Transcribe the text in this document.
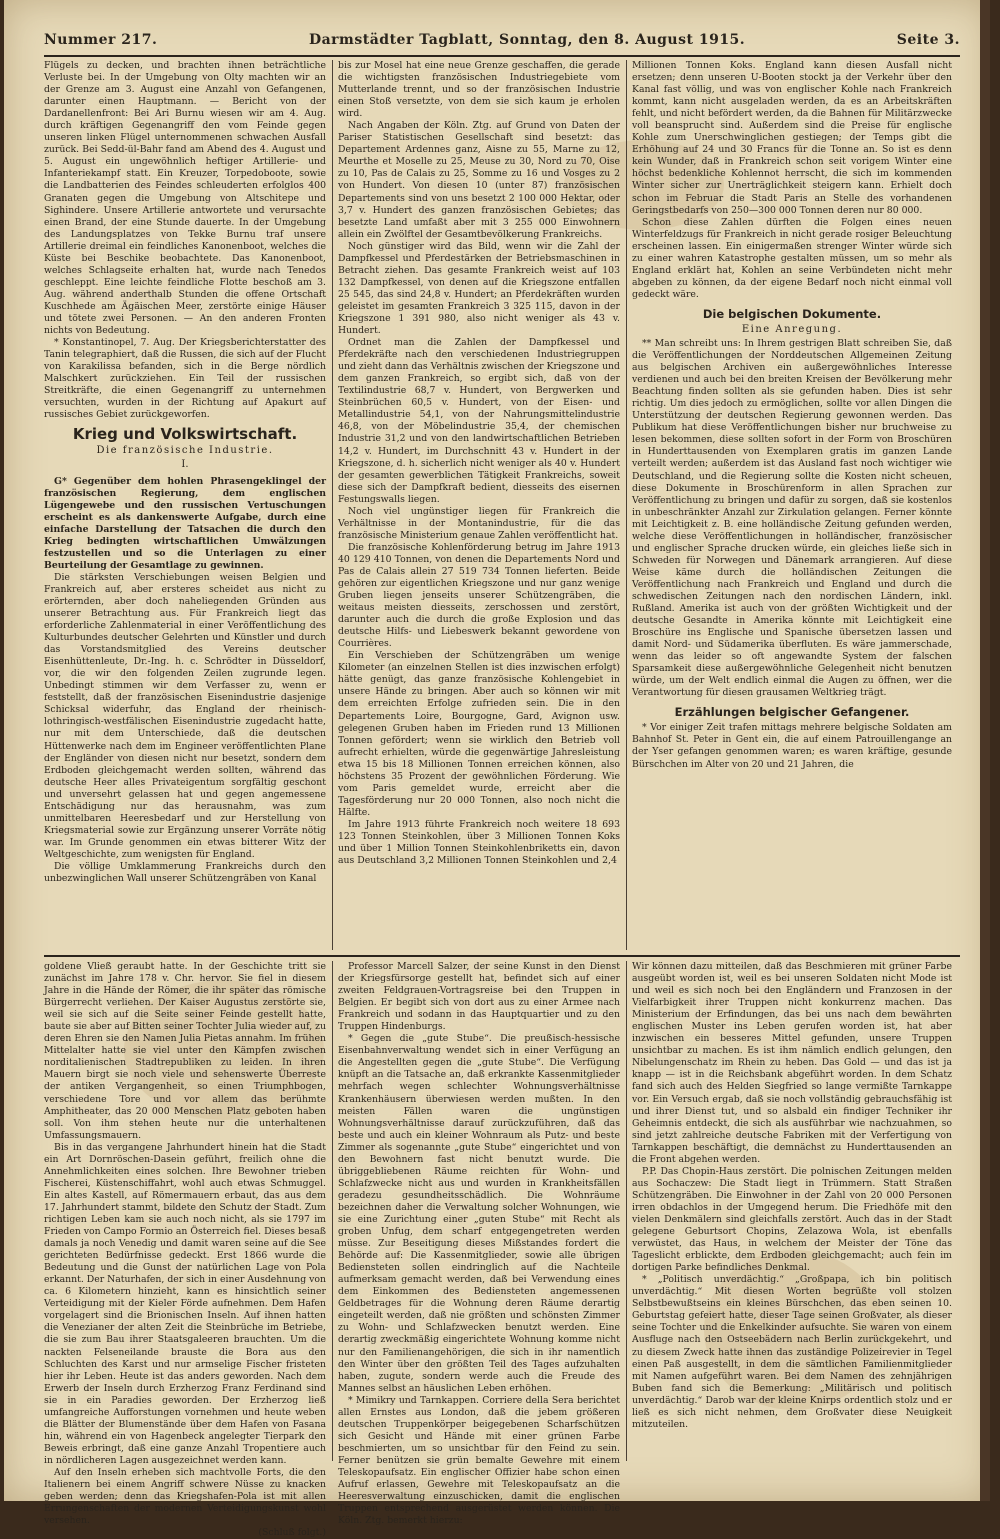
Nummer 217.	Darmstädter Tagblatt, Sonntag, den 8. August 1915.	Seite 3.

Flügels zu decken, und brachten ihnen beträchtliche Verluste bei. In der Umgebung von Olty machten wir an der Grenze am 3. August eine Anzahl von Gefangenen, darunter einen Hauptmann. — Bericht von der Dardanellenfront: Bei Ari Burnu wiesen wir am 4. Aug. durch kräftigen Gegenangriff den vom Feinde gegen unseren linken Flügel unternommenen schwachen Ausfall zurück. Bei Sedd-ül-Bahr fand am Abend des 4. August und 5. August ein ungewöhnlich heftiger Artillerie- und Infanteriekampf statt. Ein Kreuzer, Torpedoboote, sowie die Landbatterien des Feindes schleuderten erfolglos 400 Granaten gegen die Umgebung von Altschitepe und Sighindere. Unsere Artillerie antwortete und verursachte einen Brand, der eine Stunde dauerte. In der Umgebung des Landungsplatzes von Tekke Burnu traf unsere Artillerie dreimal ein feindliches Kanonenboot, welches die Küste bei Beschike beobachtete. Das Kanonenboot, welches Schlagseite erhalten hat, wurde nach Tenedos geschleppt. Eine leichte feindliche Flotte beschoß am 3. Aug. während anderthalb Stunden die offene Ortschaft Kuschhede am Ägäischen Meer, zerstörte einige Häuser und tötete zwei Personen. — An den anderen Fronten nichts von Bedeutung.

* Konstantinopel, 7. Aug. Der Kriegsberichterstatter des Tanin telegraphiert, daß die Russen, die sich auf der Flucht von Karakilissa befanden, sich in die Berge nördlich Malschkert zurückziehen. Ein Teil der russischen Streitkräfte, die einen Gegenangriff zu unternehmen versuchten, wurden in der Richtung auf Apakurt auf russisches Gebiet zurückgeworfen.

Krieg und Volkswirtschaft.
Die französische Industrie.
I.

G* Gegenüber dem hohlen Phrasengeklingel der französischen Regierung, dem englischen Lügengewebe und den russischen Vertuschungen erscheint es als dankenswerte Aufgabe, durch eine einfache Darstellung der Tatsachen die durch den Krieg bedingten wirtschaftlichen Umwälzungen festzustellen und so die Unterlagen zu einer Beurteilung der Gesamtlage zu gewinnen.

Die stärksten Verschiebungen weisen Belgien und Frankreich auf, aber ersteres scheidet aus nicht zu erörternden, aber doch naheliegenden Gründen aus unserer Betrachtung aus. Für Frankreich liegt das erforderliche Zahlenmaterial in einer Veröffentlichung des Kulturbundes deutscher Gelehrten und Künstler und durch das Vorstandsmitglied des Vereins deutscher Eisenhüttenleute, Dr.-Ing. h. c. Schrödter in Düsseldorf, vor, die wir den folgenden Zeilen zugrunde legen. Unbedingt stimmen wir dem Verfasser zu, wenn er feststellt, daß der französischen Eisenindustrie dasjenige Schicksal widerfuhr, das England der rheinisch-lothringisch-westfälischen Eisenindustrie zugedacht hatte, nur mit dem Unterschiede, daß die deutschen Hüttenwerke nach dem im Engineer veröffentlichten Plane der Engländer von diesen nicht nur besetzt, sondern dem Erdboden gleichgemacht werden sollten, während das deutsche Heer alles Privateigentum sorgfältig geschont und unversehrt gelassen hat und gegen angemessene Entschädigung nur das herausnahm, was zum unmittelbaren Heeresbedarf und zur Herstellung von Kriegsmaterial sowie zur Ergänzung unserer Vorräte nötig war. Im Grunde genommen ein etwas bitterer Witz der Weltgeschichte, zum wenigsten für England.

Die völlige Umklammerung Frankreichs durch den unbezwinglichen Wall unserer Schützengräben von Kanal

bis zur Mosel hat eine neue Grenze geschaffen, die gerade die wichtigsten französischen Industriegebiete vom Mutterlande trennt, und so der französischen Industrie einen Stoß versetzte, von dem sie sich kaum je erholen wird.

Nach Angaben der Köln. Ztg. auf Grund von Daten der Pariser Statistischen Gesellschaft sind besetzt: das Departement Ardennes ganz, Aisne zu 55, Marne zu 12, Meurthe et Moselle zu 25, Meuse zu 30, Nord zu 70, Oise zu 10, Pas de Calais zu 25, Somme zu 16 und Vosges zu 2 von Hundert. Von diesen 10 (unter 87) französischen Departements sind von uns besetzt 2 100 000 Hektar, oder 3,7 v. Hundert des ganzen französischen Gebietes; das besetzte Land umfaßt aber mit 3 255 000 Einwohnern allein ein Zwölftel der Gesamtbevölkerung Frankreichs.

Noch günstiger wird das Bild, wenn wir die Zahl der Dampfkessel und Pferdestärken der Betriebsmaschinen in Betracht ziehen. Das gesamte Frankreich weist auf 103 132 Dampfkessel, von denen auf die Kriegszone entfallen 25 545, das sind 24,8 v. Hundert; an Pferdekräften wurden geleistet im gesamten Frankreich 3 325 115, davon in der Kriegszone 1 391 980, also nicht weniger als 43 v. Hundert.

Ordnet man die Zahlen der Dampfkessel und Pferdekräfte nach den verschiedenen Industriegruppen und zieht dann das Verhältnis zwischen der Kriegszone und dem ganzen Frankreich, so ergibt sich, daß von der Textilindustrie 68,7 v. Hundert, von Bergwerken und Steinbrüchen 60,5 v. Hundert, von der Eisen- und Metallindustrie 54,1, von der Nahrungsmittelindustrie 46,8, von der Möbelindustrie 35,4, der chemischen Industrie 31,2 und von den landwirtschaftlichen Betrieben 14,2 v. Hundert, im Durchschnitt 43 v. Hundert in der Kriegszone, d. h. sicherlich nicht weniger als 40 v. Hundert der gesamten gewerblichen Tätigkeit Frankreichs, soweit diese sich der Dampfkraft bedient, diesseits des eisernen Festungswalls liegen.

Noch viel ungünstiger liegen für Frankreich die Verhältnisse in der Montanindustrie, für die das französische Ministerium genaue Zahlen veröffentlicht hat.

Die französische Kohlenförderung betrug im Jahre 1913 40 129 410 Tonnen, von denen die Departements Nord und Pas de Calais allein 27 519 734 Tonnen lieferten. Beide gehören zur eigentlichen Kriegszone und nur ganz wenige Gruben liegen jenseits unserer Schützengräben, die weitaus meisten diesseits, zerschossen und zerstört, darunter auch die durch die große Explosion und das deutsche Hilfs- und Liebeswerk bekannt gewordene von Courrières.

Ein Verschieben der Schützengräben um wenige Kilometer (an einzelnen Stellen ist dies inzwischen erfolgt) hätte genügt, das ganze französische Kohlengebiet in unsere Hände zu bringen. Aber auch so können wir mit dem erreichten Erfolge zufrieden sein. Die in den Departements Loire, Bourgogne, Gard, Avignon usw. gelegenen Gruben haben im Frieden rund 13 Millionen Tonnen gefördert; wenn sie wirklich den Betrieb voll aufrecht erhielten, würde die gegenwärtige Jahresleistung etwa 15 bis 18 Millionen Tonnen erreichen können, also höchstens 35 Prozent der gewöhnlichen Förderung. Wie vom Paris gemeldet wurde, erreicht aber die Tagesförderung nur 20 000 Tonnen, also noch nicht die Hälfte.

Im Jahre 1913 führte Frankreich noch weitere 18 693 123 Tonnen Steinkohlen, über 3 Millionen Tonnen Koks und über 1 Million Tonnen Steinkohlenbriketts ein, davon aus Deutschland 3,2 Millionen Tonnen Steinkohlen und 2,4

Millionen Tonnen Koks. England kann diesen Ausfall nicht ersetzen; denn unseren U-Booten stockt ja der Verkehr über den Kanal fast völlig, und was von englischer Kohle nach Frankreich kommt, kann nicht ausgeladen werden, da es an Arbeitskräften fehlt, und nicht befördert werden, da die Bahnen für Militärzwecke voll beansprucht sind. Außerdem sind die Preise für englische Kohle zum Unerschwinglichen gestiegen; der Temps gibt die Erhöhung auf 24 und 30 Francs für die Tonne an. So ist es denn kein Wunder, daß in Frankreich schon seit vorigem Winter eine höchst bedenkliche Kohlennot herrscht, die sich im kommenden Winter sicher zur Unerträglichkeit steigern kann. Erhielt doch schon im Februar die Stadt Paris an Stelle des vorhandenen Geringstbedarfs von 250—300 000 Tonnen deren nur 80 000.

Schon diese Zahlen dürften die Folgen eines neuen Winterfeldzugs für Frankreich in nicht gerade rosiger Beleuchtung erscheinen lassen. Ein einigermaßen strenger Winter würde sich zu einer wahren Katastrophe gestalten müssen, um so mehr als England erklärt hat, Kohlen an seine Verbündeten nicht mehr abgeben zu können, da der eigene Bedarf noch nicht einmal voll gedeckt wäre.

Die belgischen Dokumente.
Eine Anregung.

** Man schreibt uns: In Ihrem gestrigen Blatt schreiben Sie, daß die Veröffentlichungen der Norddeutschen Allgemeinen Zeitung aus belgischen Archiven ein außergewöhnliches Interesse verdienen und auch bei den breiten Kreisen der Bevölkerung mehr Beachtung finden sollten als sie gefunden haben. Dies ist sehr richtig. Um dies jedoch zu ermöglichen, sollte vor allen Dingen die Unterstützung der deutschen Regierung gewonnen werden. Das Publikum hat diese Veröffentlichungen bisher nur bruchweise zu lesen bekommen, diese sollten sofort in der Form von Broschüren in Hunderttausenden von Exemplaren gratis im ganzen Lande verteilt werden; außerdem ist das Ausland fast noch wichtiger wie Deutschland, und die Regierung sollte die Kosten nicht scheuen, diese Dokumente in Broschürenform in allen Sprachen zur Veröffentlichung zu bringen und dafür zu sorgen, daß sie kostenlos in unbeschränkter Anzahl zur Zirkulation gelangen. Ferner könnte mit Leichtigkeit z. B. eine holländische Zeitung gefunden werden, welche diese Veröffentlichungen in holländischer, französischer und englischer Sprache drucken würde, ein gleiches ließe sich in Schweden für Norwegen und Dänemark arrangieren. Auf diese Weise käme durch die holländischen Zeitungen die Veröffentlichung nach Frankreich und England und durch die schwedischen Zeitungen nach den nordischen Ländern, inkl. Rußland. Amerika ist auch von der größten Wichtigkeit und der deutsche Gesandte in Amerika könnte mit Leichtigkeit eine Broschüre ins Englische und Spanische übersetzen lassen und damit Nord- und Südamerika überfluten. Es wäre jammerschade, wenn das leider so oft angewandte System der falschen Sparsamkeit diese außergewöhnliche Gelegenheit nicht benutzen würde, um der Welt endlich einmal die Augen zu öffnen, wer die Verantwortung für diesen grausamen Weltkrieg trägt.

Erzählungen belgischer Gefangener.

* Vor einiger Zeit trafen mittags mehrere belgische Soldaten am Bahnhof St. Peter in Gent ein, die auf einem Patrouillengange an der Yser gefangen genommen waren; es waren kräftige, gesunde Bürschchen im Alter von 20 und 21 Jahren, die

goldene Vließ geraubt hatte. In der Geschichte tritt sie zunächst im Jahre 178 v. Chr. hervor. Sie fiel in diesem Jahre in die Hände der Römer, die ihr später das römische Bürgerrecht verliehen. Der Kaiser Augustus zerstörte sie, weil sie sich auf die Seite seiner Feinde gestellt hatte, baute sie aber auf Bitten seiner Tochter Julia wieder auf, zu deren Ehren sie den Namen Julia Pietas annahm. Im frühen Mittelalter hatte sie viel unter den Kämpfen zwischen norditalienischen Stadtrepubliken zu leiden. In ihren Mauern birgt sie noch viele und sehenswerte Überreste der antiken Vergangenheit, so einen Triumphbogen, verschiedene Tore und vor allem das berühmte Amphitheater, das 20 000 Menschen Platz geboten haben soll. Von ihm stehen heute nur die unterhaltenen Umfassungsmauern.

Bis in das vergangene Jahrhundert hinein hat die Stadt ein Art Dornröschen-Dasein geführt, freilich ohne die Annehmlichkeiten eines solchen. Ihre Bewohner trieben Fischerei, Küstenschiffahrt, wohl auch etwas Schmuggel. Ein altes Kastell, auf Römermauern erbaut, das aus dem 17. Jahrhundert stammt, bildete den Schutz der Stadt. Zum richtigen Leben kam sie auch noch nicht, als sie 1797 im Frieden von Campo Formio an Österreich fiel. Dieses besaß damals ja noch Venedig und damit waren seine auf die See gerichteten Bedürfnisse gedeckt. Erst 1866 wurde die Bedeutung und die Gunst der natürlichen Lage von Pola erkannt. Der Naturhafen, der sich in einer Ausdehnung von ca. 6 Kilometern hinzieht, kann es hinsichtlich seiner Verteidigung mit der Kieler Förde aufnehmen. Dem Hafen vorgelagert sind die Brionischen Inseln. Auf ihnen hatten die Venezianer der alten Zeit die Steinbrüche im Betriebe, die sie zum Bau ihrer Staatsgaleeren brauchten. Um die nackten Felseneilande brauste die Bora aus den Schluchten des Karst und nur armselige Fischer fristeten hier ihr Leben. Heute ist das anders geworden. Nach dem Erwerb der Inseln durch Erzherzog Franz Ferdinand sind sie in ein Paradies geworden. Der Erzherzog ließ umfangreiche Aufforstungen vornehmen und heute weben die Blätter der Blumenstände über dem Hafen von Fasana hin, während ein von Hagenbeck angelegter Tierpark den Beweis erbringt, daß eine ganze Anzahl Tropentiere auch in nördlicheren Lagen ausgezeichnet werden kann.

Auf den Inseln erheben sich machtvolle Forts, die den Italienern bei einem Angriff schwere Nüsse zu knacken geben werden; denn das Kriegshafen-Pola ist mit allen Errungenschaften der modernen Verteidigungskunst wohl versehen.

(Schluß folgt.)

Professor Marcell Salzer, der seine Kunst in den Dienst der Kriegsfürsorge gestellt hat, befindet sich auf einer zweiten Feldgrauen-Vortragsreise bei den Truppen in Belgien. Er begibt sich von dort aus zu einer Armee nach Frankreich und sodann in das Hauptquartier und zu den Truppen Hindenburgs.

* Gegen die „gute Stube“. Die preußisch-hessische Eisenbahnverwaltung wendet sich in einer Verfügung an die Angestellten gegen die „gute Stube“. Die Verfügung knüpft an die Tatsache an, daß erkrankte Kassenmitglieder mehrfach wegen schlechter Wohnungsverhältnisse Krankenhäusern überwiesen werden mußten. In den meisten Fällen waren die ungünstigen Wohnungsverhältnisse darauf zurückzuführen, daß das beste und auch ein kleiner Wohnraum als Putz- und beste Zimmer als sogenannte „gute Stube“ eingerichtet und von den Bewohnern fast nicht benutzt wurde. Die übriggebliebenen Räume reichten für Wohn- und Schlafzwecke nicht aus und wurden in Krankheitsfällen geradezu gesundheitsschädlich. Die Wohnräume bezeichnen daher die Verwaltung solcher Wohnungen, wie sie eine Zurichtung einer „guten Stube“ mit Recht als groben Unfug, dem scharf entgegengetreten werden müsse. Zur Beseitigung dieses Mißstandes fordert die Behörde auf: Die Kassenmitglieder, sowie alle übrigen Bediensteten sollen eindringlich auf die Nachteile aufmerksam gemacht werden, daß bei Verwendung eines dem Einkommen des Bediensteten angemessenen Geldbetrages für die Wohnung deren Räume derartig eingeteilt werden, daß nie größten und schönsten Zimmer zu Wohn- und Schlafzwecken benutzt werden. Eine derartig zweckmäßig eingerichtete Wohnung komme nicht nur den Familienangehörigen, die sich in ihr namentlich den Winter über den größten Teil des Tages aufzuhalten haben, zugute, sondern werde auch die Freude des Mannes selbst an häuslichen Leben erhöhen.

* Mimikry und Tarnkappen. Corriere della Sera berichtet allen Ernstes aus London, daß die jebem größeren deutschen Truppenkörper beigegebenen Scharfschützen sich Gesicht und Hände mit einer grünen Farbe beschmierten, um so unsichtbar für den Feind zu sein. Ferner benützen sie grün bemalte Gewehre mit einem Teleskopaufsatz. Ein englischer Offizier habe schon einen Aufruf erlassen, Gewehre mit Teleskopaufsatz an die Heeresverwaltung einzuschicken, damit die englischen Truppen entsprechend ausgerüstet werden können. Die Köln. Ztg. bemerkt hierzu:

Wir können dazu mitteilen, daß das Beschmieren mit grüner Farbe ausgeübt worden ist, weil es bei unseren Soldaten nicht Mode ist und weil es sich noch bei den Engländern und Franzosen in der Vielfarbigkeit ihrer Truppen nicht konkurrenz machen. Das Ministerium der Erfindungen, das bei uns nach dem bewährten englischen Muster ins Leben gerufen worden ist, hat aber inzwischen ein besseres Mittel gefunden, unsere Truppen unsichtbar zu machen. Es ist ihm nämlich endlich gelungen, den Nibelungenschatz im Rhein zu heben. Das Gold — und das ist ja knapp — ist in die Reichsbank abgeführt worden. In dem Schatz fand sich auch des Helden Siegfried so lange vermißte Tarnkappe vor. Ein Versuch ergab, daß sie noch vollständig gebrauchsfähig ist und ihrer Dienst tut, und so alsbald ein findiger Techniker ihr Geheimnis entdeckt, die sich als ausführbar wie nachzuahmen, so sind jetzt zahlreiche deutsche Fabriken mit der Verfertigung von Tarnkappen beschäftigt, die demnächst zu Hunderttausenden an die Front abgehen werden.

P.P. Das Chopin-Haus zerstört. Die polnischen Zeitungen melden aus Sochaczew: Die Stadt liegt in Trümmern. Statt Straßen Schützengräben. Die Einwohner in der Zahl von 20 000 Personen irren obdachlos in der Umgegend herum. Die Friedhöfe mit den vielen Denkmälern sind gleichfalls zerstört. Auch das in der Stadt gelegene Geburtsort Chopins, Zelazowa Wola, ist ebenfalls verwüstet, das Haus, in welchem der Meister der Töne das Tageslicht erblickte, dem Erdboden gleichgemacht; auch fein im dortigen Parke befindliches Denkmal.

* „Politisch unverdächtig.“ „Großpapa, ich bin politisch unverdächtig.“ Mit diesen Worten begrüßte voll stolzen Selbstbewußtseins ein kleines Bürschchen, das eben seinen 10. Geburtstag gefeiert hatte, dieser Tage seinen Großvater, als dieser seine Tochter und die Enkelkinder aufsuchte. Sie waren von einem Ausfluge nach den Ostseebädern nach Berlin zurückgekehrt, und zu diesem Zweck hatte ihnen das zuständige Polizeirevier in Tegel einen Paß ausgestellt, in dem die sämtlichen Familienmitglieder mit Namen aufgeführt waren. Bei dem Namen des zehnjährigen Buben fand sich die Bemerkung: „Militärisch und politisch unverdächtig.“ Darob war der kleine Knirps ordentlich stolz und er ließ es sich nicht nehmen, dem Großvater diese Neuigkeit mitzuteilen.
